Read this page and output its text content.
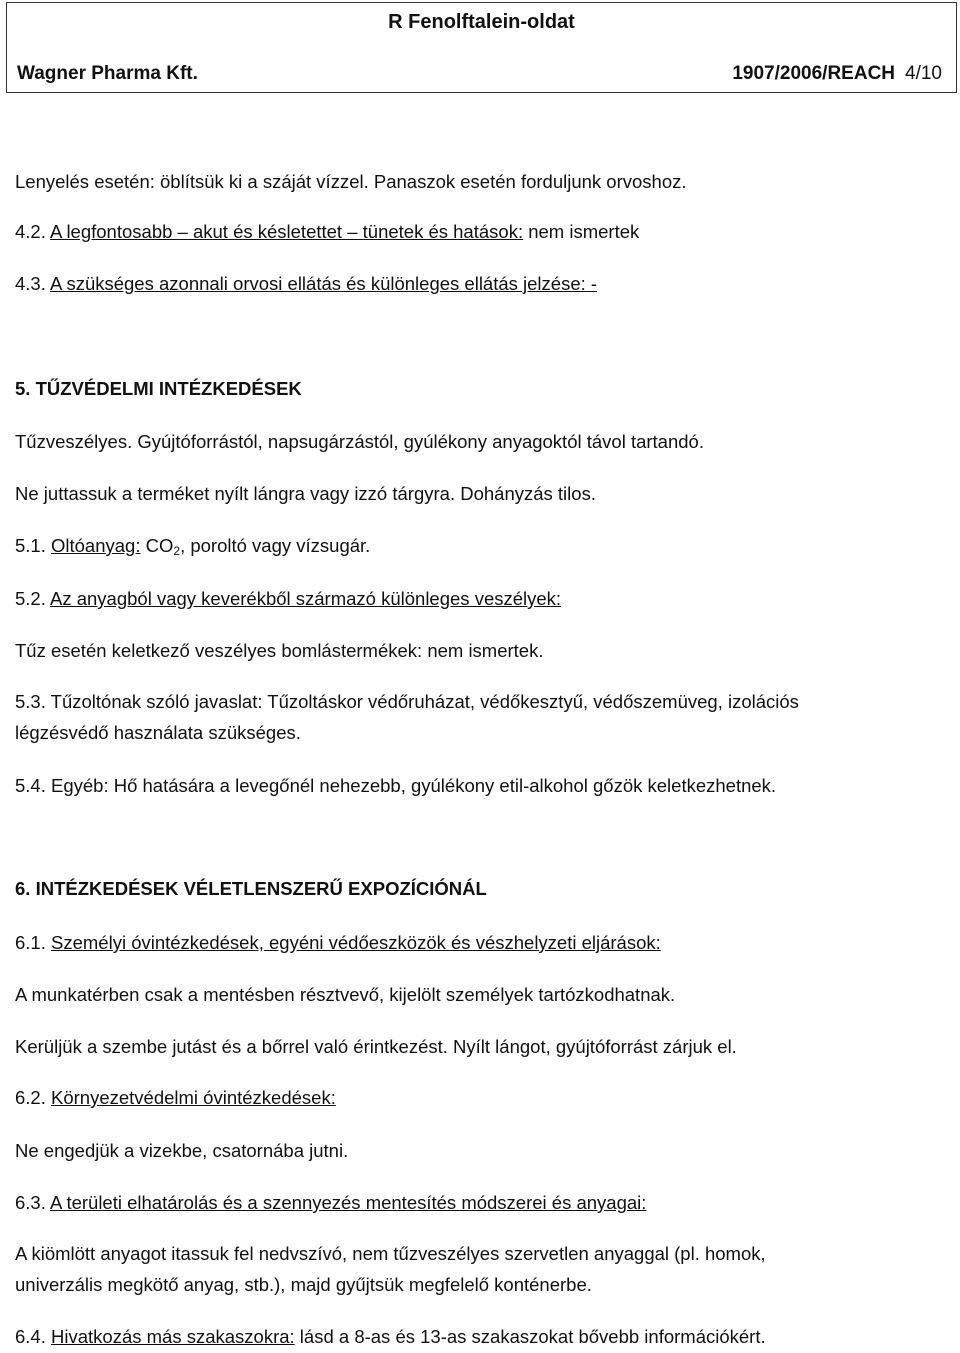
R Fenolftalein-oldat
Wagner Pharma Kft.	1907/2006/REACH 4/10
Lenyelés esetén: öblítsük ki a száját vízzel. Panaszok esetén forduljunk orvoshoz.
4.2. A legfontosabb – akut és késletettet – tünetek és hatások: nem ismertek
4.3. A szükséges azonnali orvosi ellátás és különleges ellátás jelzése: -
5. TŰZVÉDELMI INTÉZKEDÉSEK
Tűzveszélyes. Gyújtóforrástól, napsugárzástól, gyúlékony anyagoktól távol tartandó.
Ne juttassuk a terméket nyílt lángra vagy izzó tárgyra. Dohányzás tilos.
5.1. Oltóanyag: $CO_2$, poroltó vagy vízsugár.
5.2. Az anyagból vagy keverékből származó különleges veszélyek:
Tűz esetén keletkező veszélyes bomlástermékek: nem ismertek.
5.3. Tűzoltónak szóló javaslat: Tűzoltáskor védőruházat, védőkesztyű, védőszemüveg, izolációs
légzésvédő használata szükséges.
5.4. Egyéb: Hő hatására a levegőnél nehezebb, gyúlékony etil-alkohol gőzök keletkezhetnek.
6. INTÉZKEDÉSEK VÉLETLENSZERŰ EXPOZÍCIÓNÁL
6.1. Személyi óvintézkedések, egyéni védőeszközök és vészhelyzeti eljárások:
A munkatérben csak a mentésben résztvevő, kijelölt személyek tartózkodhatnak.
Kerüljük a szembe jutást és a bőrrel való érintkezést. Nyílt lángot, gyújtóforrást zárjuk el.
6.2. Környezetvédelmi óvintézkedések:
Ne engedjük a vizekbe, csatornába jutni.
6.3. A területi elhatárolás és a szennyezés mentesítés módszerei és anyagai:
A kiömlött anyagot itassuk fel nedvszívó, nem tűzveszélyes szervetlen anyaggal (pl. homok,
univerzális megkötő anyag, stb.), majd gyűjtsük megfelelő konténerbe.
6.4. Hivatkozás más szakaszokra: lásd a 8-as és 13-as szakaszokat bővebb információkért.
